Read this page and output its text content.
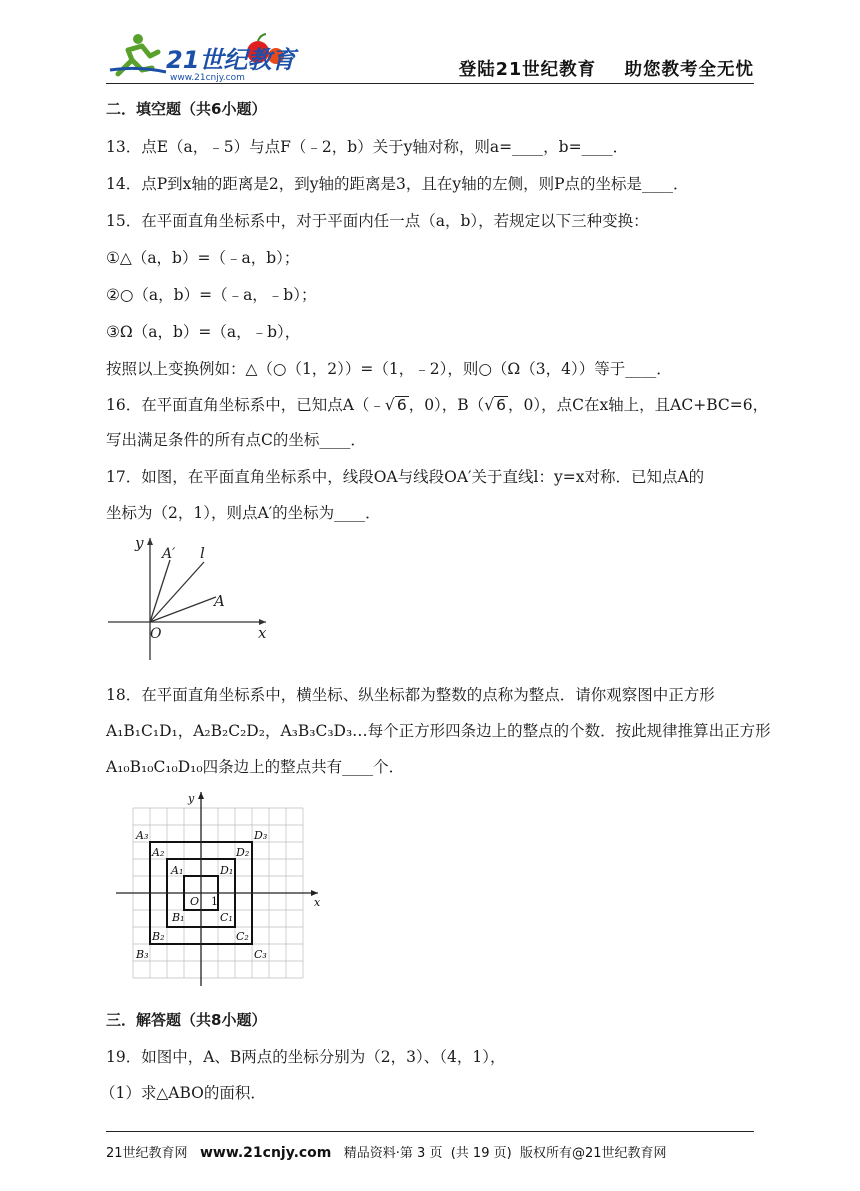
21世纪教育
www.21cnjy.com	登陆21世纪教育    助您教考全无忧
二．填空题（共6小题）
13．点E（a，﹣5）与点F（﹣2，b）关于y轴对称，则a=____，b=____．
14．点P到x轴的距离是2，到y轴的距离是3，且在y轴的左侧，则P点的坐标是____．
15．在平面直角坐标系中，对于平面内任一点（a，b），若规定以下三种变换：
①△（a，b）=（﹣a，b）；
②○（a，b）=（﹣a，﹣b）；
③Ω（a，b）=（a，﹣b），
按照以上变换例如：△（○（1，2））=（1，﹣2），则○（Ω（3，4））等于____．
16．在平面直角坐标系中，已知点A（﹣√ 6 ，0），B（√ 6 ，0），点C在x轴上，且AC+BC=6，
写出满足条件的所有点C的坐标____．
17．如图，在平面直角坐标系中，线段OA与线段OA′关于直线l：y=x对称．已知点A的
坐标为（2，1），则点A′的坐标为____．
y
A′ l
A
O	x
18．在平面直角坐标系中，横坐标、纵坐标都为整数的点称为整点．请你观察图中正方形
A₁B₁C₁D₁，A₂B₂C₂D₂，A₃B₃C₃D₃…每个正方形四条边上的整点的个数．按此规律推算出正方形
A₁₀B₁₀C₁₀D₁₀四条边上的整点共有____个．
y
x
O 1
A₁	D₁
B₁	C₁
A₂	D₂
B₂	C₂
A₃	D₃
B₃	C₃
三．解答题（共8小题）
19．如图中，A、B两点的坐标分别为（2，3）、（4，1），
（1）求△ABO的面积．
21世纪教育网 www.21cnjy.com 精品资料·第 3 页  (共 19 页)  版权所有@21世纪教育网
